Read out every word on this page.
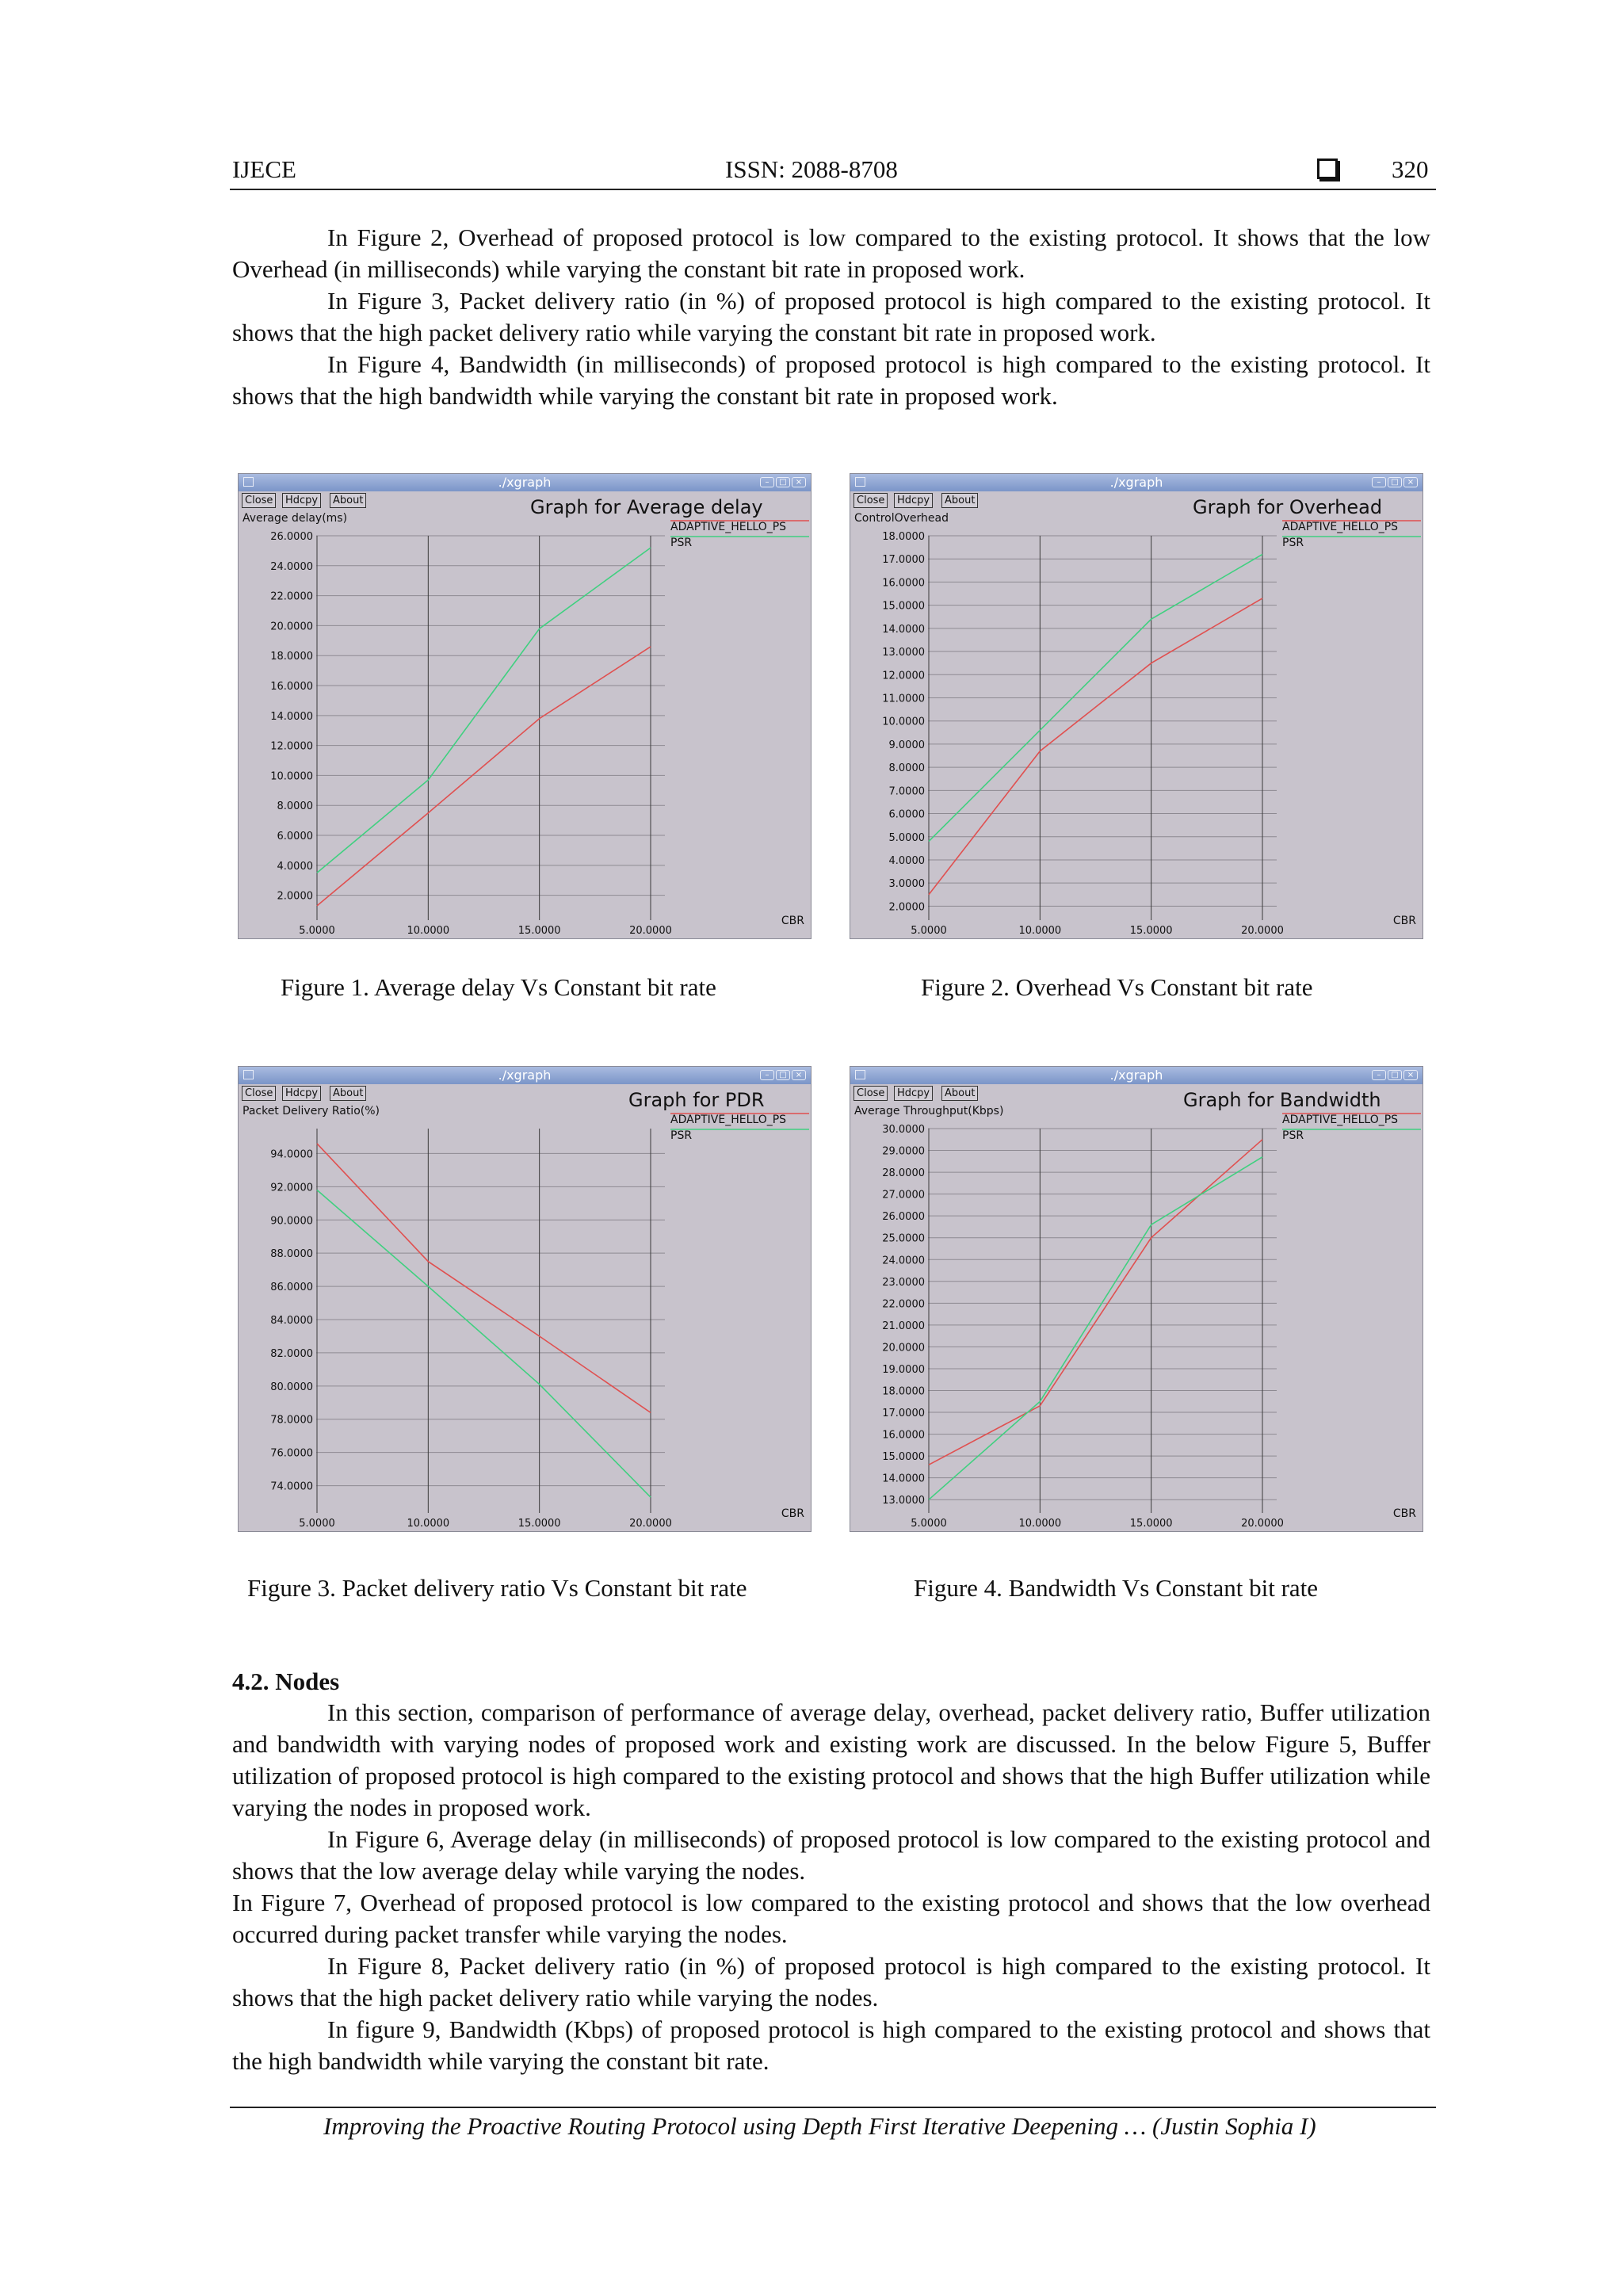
IJECE	ISSN: 2088-8708	320

In Figure 2, Overhead of proposed protocol is low compared to the existing protocol. It shows that the low Overhead (in milliseconds) while varying the constant bit rate in proposed work.

In Figure 3, Packet delivery ratio (in %) of proposed protocol is high compared to the existing protocol. It shows that the high packet delivery ratio while varying the constant bit rate in proposed work.

In Figure 4, Bandwidth (in milliseconds) of proposed protocol is high compared to the existing protocol. It shows that the high bandwidth while varying the constant bit rate in proposed work.

./xgraph	–	□	×
Close	Hdcpy	About	Graph for Average delay
Average delay(ms)
2.0000
4.0000
6.0000
8.0000
10.0000
12.0000
14.0000
16.0000
18.0000
20.0000
22.0000
24.0000
26.0000
5.0000	10.0000	15.0000	20.0000
CBR
ADAPTIVE_HELLO_PS
PSR
./xgraph	–	□	×
Close	Hdcpy	About	Graph for Overhead
ControlOverhead
2.0000
3.0000
4.0000
5.0000
6.0000
7.0000
8.0000
9.0000
10.0000
11.0000
12.0000
13.0000
14.0000
15.0000
16.0000
17.0000
18.0000
5.0000	10.0000	15.0000	20.0000
CBR
ADAPTIVE_HELLO_PS
PSR
./xgraph	–	□	×
Close	Hdcpy	About	Graph for PDR
Packet Delivery Ratio(%)
74.0000
76.0000
78.0000
80.0000
82.0000
84.0000
86.0000
88.0000
90.0000
92.0000
94.0000
5.0000	10.0000	15.0000	20.0000
CBR
ADAPTIVE_HELLO_PS
PSR
./xgraph	–	□	×
Close	Hdcpy	About	Graph for Bandwidth
Average Throughput(Kbps)
13.0000
14.0000
15.0000
16.0000
17.0000
18.0000
19.0000
20.0000
21.0000
22.0000
23.0000
24.0000
25.0000
26.0000
27.0000
28.0000
29.0000
30.0000
5.0000	10.0000	15.0000	20.0000
CBR
ADAPTIVE_HELLO_PS
PSR
Figure 1. Average delay Vs Constant bit rate	Figure 2. Overhead Vs Constant bit rate
Figure 3. Packet delivery ratio Vs Constant bit rate	Figure 4. Bandwidth Vs Constant bit rate
4.2. Nodes

In this section, comparison of performance of average delay, overhead, packet delivery ratio, Buffer utilization and bandwidth with varying nodes of proposed work and existing work are discussed. In the below Figure 5, Buffer utilization of proposed protocol is high compared to the existing protocol and shows that the high Buffer utilization while varying the nodes in proposed work.

In Figure 6, Average delay (in milliseconds) of proposed protocol is low compared to the existing protocol and shows that the low average delay while varying the nodes.

In Figure 7, Overhead of proposed protocol is low compared to the existing protocol and shows that the low overhead occurred during packet transfer while varying the nodes.

In Figure 8, Packet delivery ratio (in %) of proposed protocol is high compared to the existing protocol. It shows that the high packet delivery ratio while varying the nodes.

In figure 9, Bandwidth (Kbps) of proposed protocol is high compared to the existing protocol and shows that the high bandwidth while varying the constant bit rate.

Improving the Proactive Routing Protocol using Depth First Iterative Deepening … (Justin Sophia I)
